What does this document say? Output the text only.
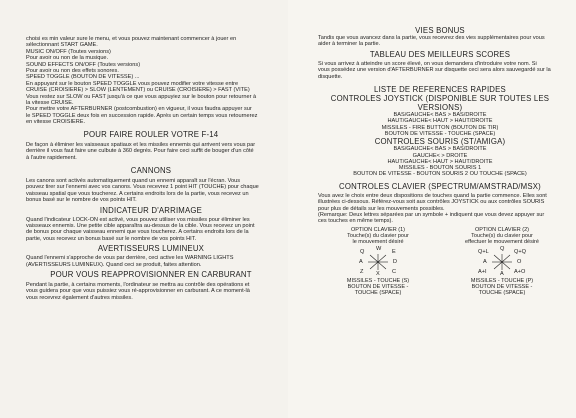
choisi es min valeur sure le menu, et vous pouvez maintenant commencer à jouer en

sélectionnant START GAME.

MUSIC ON/OFF (Toutes versions)

Pour avoir ou non de la musique.

SOUND EFFECTS ON/OFF (Toutes versions)

Pour avoir ou non des effets sonores.

SPEED TOGGLE (BOUTON DE VITESSE) ...

En appuyant sur le bouton SPEED TOGGLE vous pouvez modifier votre vitesse entre

CRUISE (CROISIERE) > SLOW (LENTEMENT) ou CRUISE (CROISIERE) > FAST (VITE)

Vous restez sur SLOW ou FAST jusqu'à ce que vous appuyiez sur le bouton pour retourner à

la vitesse CRUISE.

Pour mettre votre AFTERBURNER (postcombustion) en vigueur, il vous faudra appuyer sur

le SPEED TOGGLE deux fois en succession rapide. Après un certain temps vous retournerez

en vitesse CROISIERE.

POUR FAIRE ROULER VOTRE F-14

De façon à éliminer les vaisseaux spatiaux et les missiles ennemis qui arrivent vers vous par

derrière il vous faut faire une culbute à 360 degrés. Pour faire ceci suffit de bouger d'un côté

à l'autre rapidement.

CANNONS

Les canons sont activés automatiquement quand un ennemi apparaît sur l'écran. Vous

pouvez tirer sur l'ennemi avec vos canons. Vous recevrez 1 point HIT (TOUCHE) pour chaque

vaisseau spatial que vous toucherez. A certains endroits lors de la partie, vous recevez un

bonus basé sur le nombre de vos points HIT.

INDICATEUR D'ARRIMAGE

Quand l'indicateur LOCK-ON est activé, vous pouvez utiliser vos missiles pour éliminer les

vaisseaux ennemis. Une petite cible apparaîtra au-dessus de la cible. Vous recevez un point

de bonus pour chaque vaisseau ennemi que vous toucherez. A certains endroits lors de la

partie, vous recevez un bonus basé sur le nombre de vos points HIT.

AVERTISSEURS LUMINEUX

Quand l'ennemi s'approche de vous par derrière, ceci active les WARNING LIGHTS

(AVERTISSEURS LUMINEUX). Quand ceci se produit, faites attention.

POUR VOUS REAPPROVISIONNER EN CARBURANT

Pendant la partie, à certains moments, l'ordinateur se mettra au contrôle des opérations et

vous guidera pour que vous puissiez vous ré-approvisionner en carburant. A ce moment-là

vous recevrez également d'autres missiles.

VIES BONUS

Tandis que vous avancez dans la partie, vous recevrez des vies supplémentaires pour vous

aider à terminer la partie.

TABLEAU DES MEILLEURS SCORES

Si vous arrivez à atteindre un score élevé, on vous demandera d'introduire votre nom. Si

vous possédez une version d'AFTERBURNER sur disquette ceci sera alors sauvegardé sur la

disquette.

LISTE DE REFERENCES RAPIDES
CONTROLES JOYSTICK (DISPONIBLE SUR TOUTES LES VERSIONS)

BAS/GAUCHE< BAS > BAS/DROITE

HAUT/GAUCHE< HAUT > HAUT/DROITE

MISSILES - FIRE BUTTON (BOUTON DE TIR)

BOUTON DE VITESSE - TOUCHE (SPACE)

CONTROLES SOURIS (ST/AMIGA)

BAS/GAUCHE< BAS > BAS/DROITE

GAUCHE< > DROITE

HAUT/GAUCHE< HAUT > HAUT/DROITE

MISSILES - BOUTON SOURIS 1

BOUTON DE VITESSE - BOUTON SOURIS 2 OU TOUCHE (SPACE)

CONTROLES CLAVIER (SPECTRUM/AMSTRAD/MSX)

Vous avez le choix entre deux dispositions de touches quand la partie commence. Elles sont

illustrées ci-dessous. Référez-vous soit aux contrôles JOYSTICK ou aux contrôles SOURIS

pour plus de détails sur les mouvements possibles.

(Remarque: Deux lettres séparées par un symbole + indiquent que vous devez appuyer sur

ces touches en même temps).

OPTION CLAVIER (1)
Touche(s) du clavier pour
le mouvement désiré
Q W E
A	D
Z X C
MISSILES - TOUCHE (S)
BOUTON DE VITESSE -
TOUCHE (SPACE)
OPTION CLAVIER (2)
Touche(s) du clavier pour
effectuer le mouvement désiré
Q+L Q Q+Q
A	O
A+I A A+O
MISSILES - TOUCHE (P)
BOUTON DE VITESSE -
TOUCHE (SPACE)
